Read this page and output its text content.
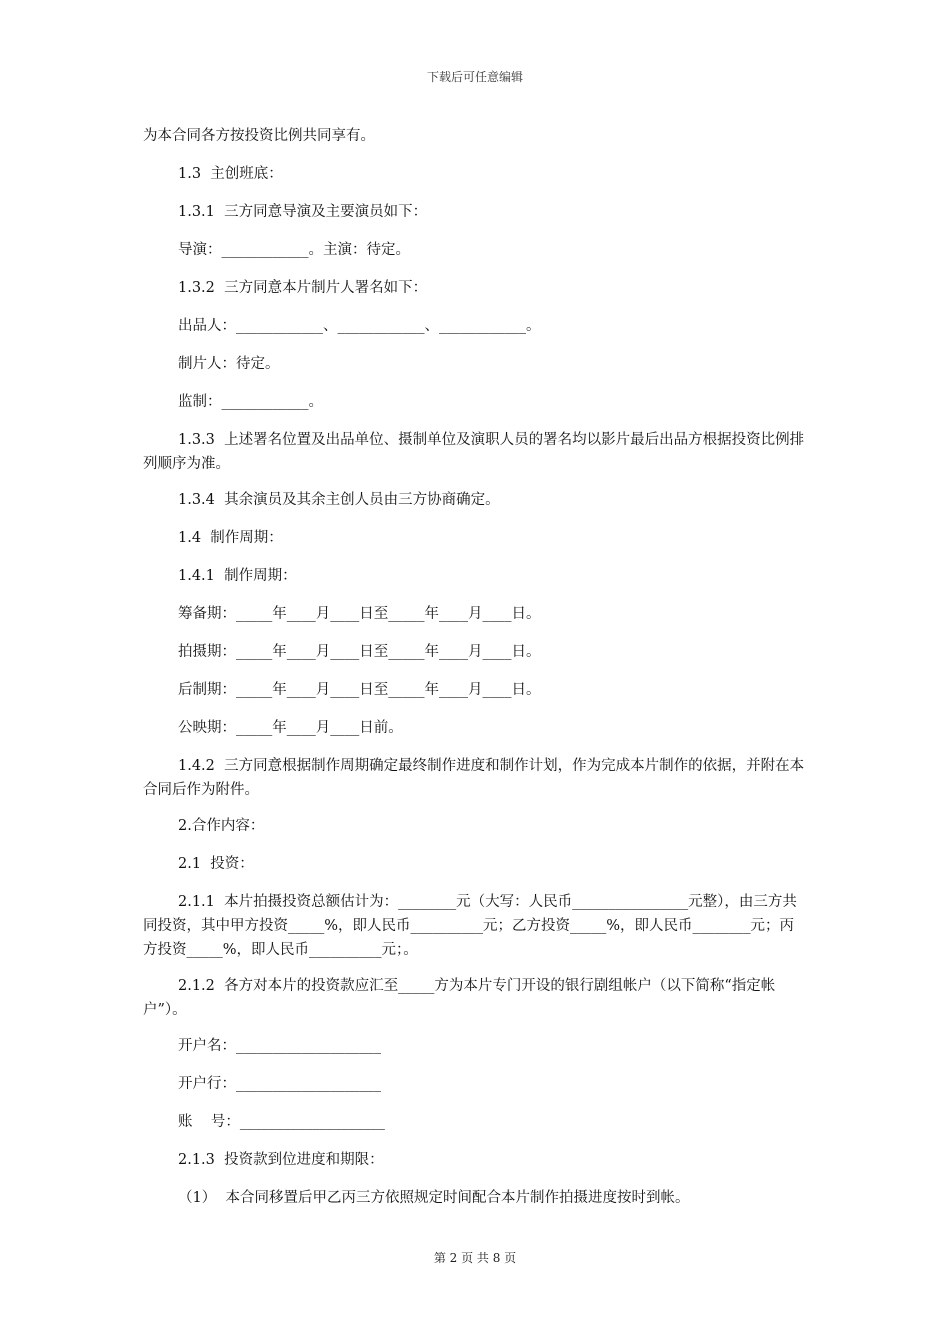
下载后可任意编辑
为本合同各方按投资比例共同享有。
1.3  主创班底：
1.3.1  三方同意导演及主要演员如下：
导演：____________。主演：待定。
1.3.2  三方同意本片制片人署名如下：
出品人：____________、____________、____________。
制片人：待定。
监制：____________。
1.3.3  上述署名位置及出品单位、摄制单位及演职人员的署名均以影片最后出品方根据投资比例排列顺序为准。
1.3.4  其余演员及其余主创人员由三方协商确定。
1.4  制作周期：
1.4.1  制作周期：
筹备期：_____年____月____日至_____年____月____日。
拍摄期：_____年____月____日至_____年____月____日。
后制期：_____年____月____日至_____年____月____日。
公映期：_____年____月____日前。
1.4.2  三方同意根据制作周期确定最终制作进度和制作计划，作为完成本片制作的依据，并附在本合同后作为附件。
2.合作内容：
2.1  投资：
2.1.1  本片拍摄投资总额估计为：________元（大写：人民币________________元整），由三方共同投资，其中甲方投资_____%，即人民币__________元；乙方投资_____%，即人民币________元；丙方投资_____%，即人民币__________元；。
2.1.2  各方对本片的投资款应汇至_____方为本片专门开设的银行剧组帐户（以下简称“指定帐户”）。
开户名：____________________
开户行：____________________
账    号：____________________
2.1.3  投资款到位进度和期限：
（1）  本合同移置后甲乙丙三方依照规定时间配合本片制作拍摄进度按时到帐。
第 2 页 共 8 页
